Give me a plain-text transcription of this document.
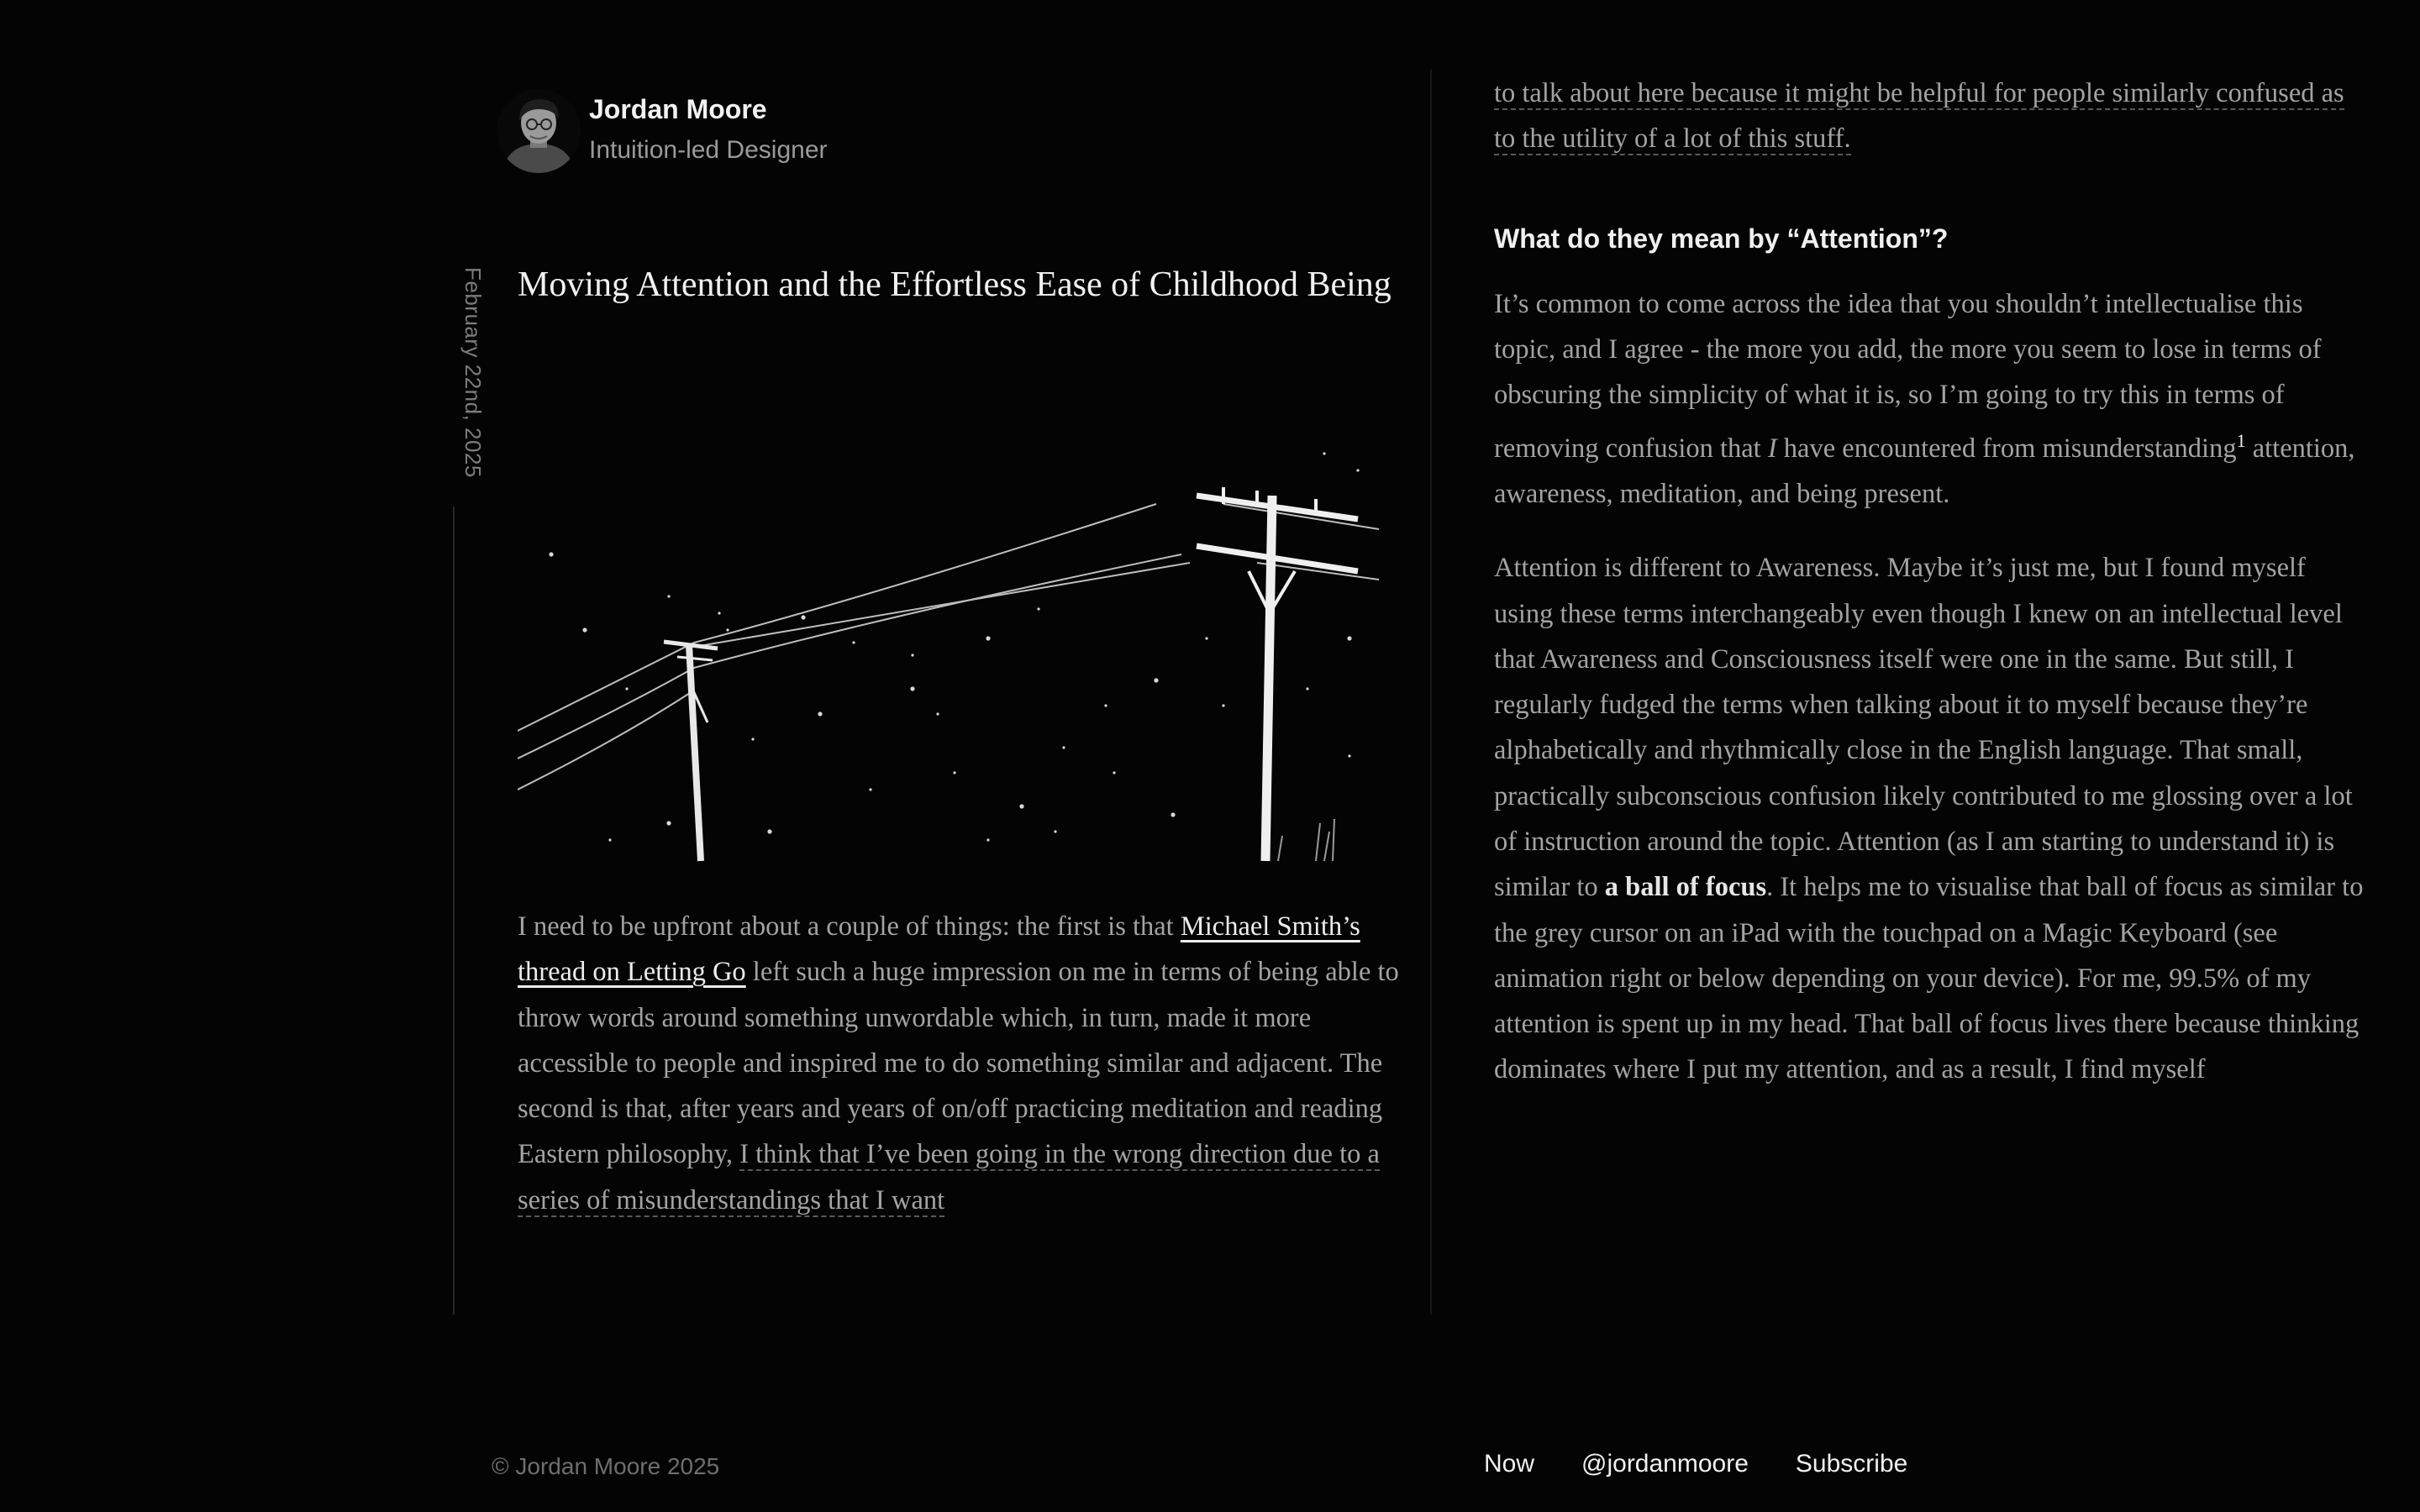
Jordan Moore
Intuition-led Designer
February 22nd, 2025 Moving Attention and the Effortless Ease of Childhood Being

I need to be upfront about a couple of things: the first is that Michael Smith’s thread on Letting Go left such a huge impression on me in terms of being able to throw words around something unwordable which, in turn, made it more accessible to people and inspired me to do something similar and adjacent. The second is that, after years and years of on/off practicing meditation and reading Eastern philosophy, I think that I’ve been going in the wrong direction due to a series of misunderstandings that I want

to talk about here because it might be helpful for people similarly confused as to the utility of a lot of this stuff.

What do they mean by “Attention”?

It’s common to come across the idea that you shouldn’t intellectualise this topic, and I agree - the more you add, the more you seem to lose in terms of obscuring the simplicity of what it is, so I’m going to try this in terms of removing confusion that I have encountered from misunderstanding$^1$ attention, awareness, meditation, and being present.

Attention is different to Awareness. Maybe it’s just me, but I found myself using these terms interchangeably even though I knew on an intellectual level that Awareness and Consciousness itself were one in the same. But still, I regularly fudged the terms when talking about it to myself because they’re alphabetically and rhythmically close in the English language. That small, practically subconscious confusion likely contributed to me glossing over a lot of instruction around the topic. Attention (as I am starting to understand it) is similar to a ball of focus. It helps me to visualise that ball of focus as similar to the grey cursor on an iPad with the touchpad on a Magic Keyboard (see animation right or below depending on your device). For me, 99.5% of my attention is spent up in my head. That ball of focus lives there because thinking dominates where I put my attention, and as a result, I find myself

© Jordan Moore 2025	Now @jordanmoore Subscribe
